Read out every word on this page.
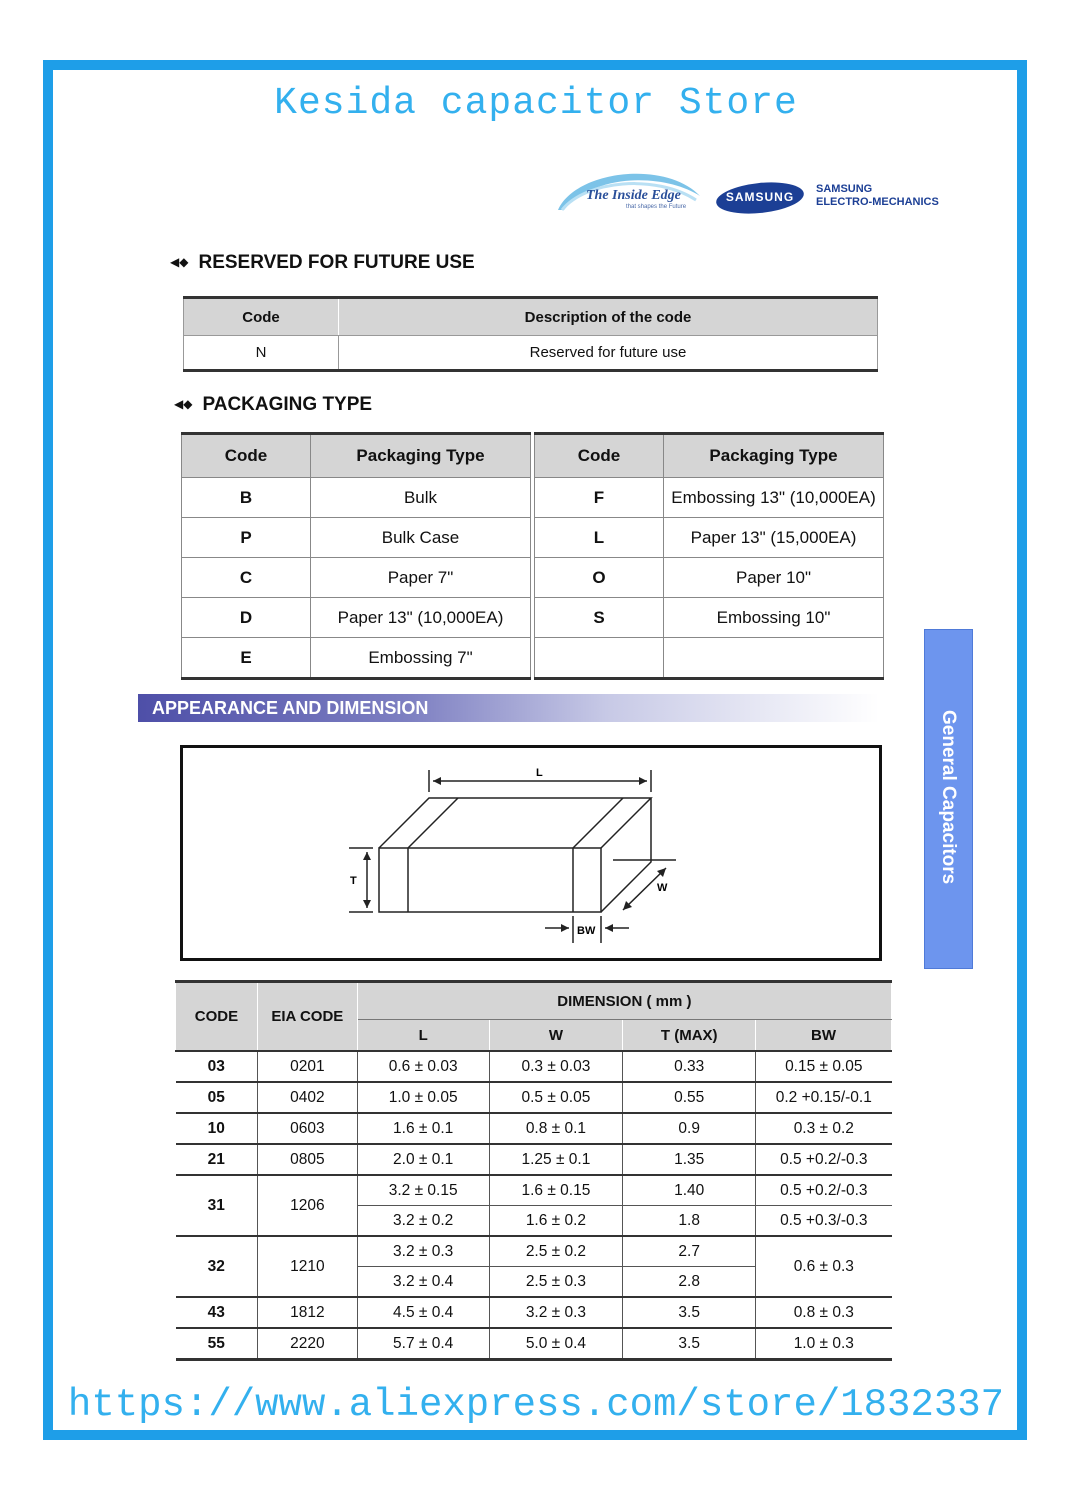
Kesida capacitor Store
The Inside Edge
that shapes the Future
SAMSUNG
SAMSUNG
ELECTRO-MECHANICS
◀◆ RESERVED FOR FUTURE USE
Code	Description of the code
N	Reserved for future use
◀◆ PACKAGING TYPE
Code	Packaging Type
B	Bulk
P	Bulk Case
C	Paper 7"
D	Paper 13" (10,000EA)
E	Embossing 7"
Code	Packaging Type
F	Embossing 13" (10,000EA)
L	Paper 13" (15,000EA)
O	Paper 10"
S	Embossing 10"

APPEARANCE AND DIMENSION
General Capacitors
L
T
W
BW
CODE	EIA CODE	DIMENSION ( mm )			
		L	W	T (MAX)	BW
03	0201	0.6 ± 0.03	0.3 ± 0.03	0.33	0.15 ± 0.05
05	0402	1.0 ± 0.05	0.5 ± 0.05	0.55	0.2 +0.15/-0.1
10	0603	1.6 ± 0.1	0.8 ± 0.1	0.9	0.3 ± 0.2
21	0805	2.0 ± 0.1	1.25 ± 0.1	1.35	0.5 +0.2/-0.3
31	1206	3.2 ± 0.15	1.6 ± 0.15	1.40	0.5 +0.2/-0.3
		3.2 ± 0.2	1.6 ± 0.2	1.8	0.5 +0.3/-0.3
32	1210	3.2 ± 0.3	2.5 ± 0.2	2.7	0.6 ± 0.3
		3.2 ± 0.4	2.5 ± 0.3	2.8	
43	1812	4.5 ± 0.4	3.2 ± 0.3	3.5	0.8 ± 0.3
55	2220	5.7 ± 0.4	5.0 ± 0.4	3.5	1.0 ± 0.3
https://www.aliexpress.com/store/1832337
